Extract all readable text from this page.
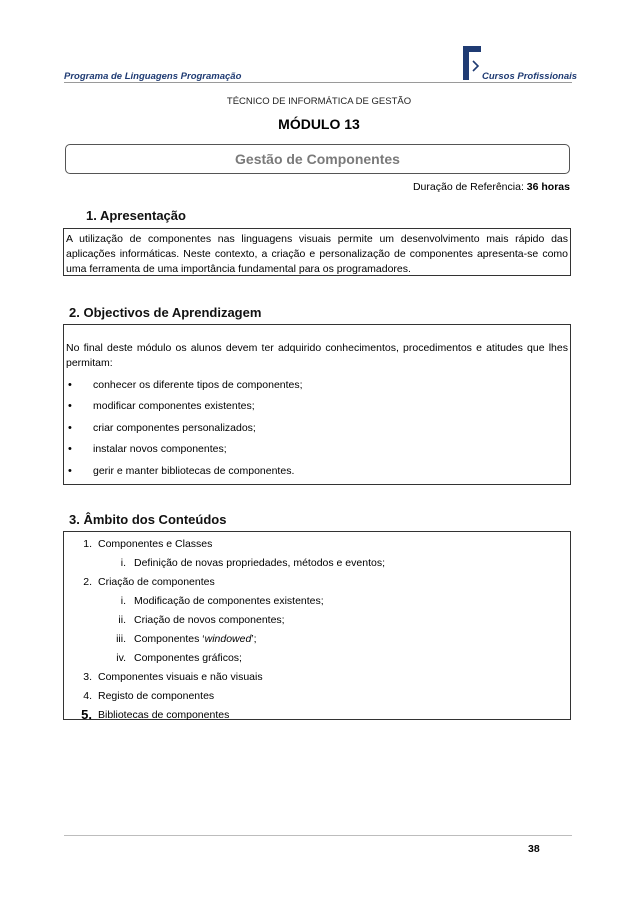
Programa de Linguagens Programação	Cursos Profissionais
TÉCNICO DE INFORMÁTICA DE GESTÃO
MÓDULO 13
Gestão de Componentes
Duração de Referência: 36 horas
1. Apresentação

A utilização de componentes nas linguagens visuais permite um desenvolvimento mais rápido das aplicações informáticas. Neste contexto, a criação e personalização de componentes apresenta-se como uma ferramenta de uma importância fundamental para os programadores.

2. Objectivos de Aprendizagem

No final deste módulo os alunos devem ter adquirido conhecimentos, procedimentos e atitudes que lhes permitam:

•	conhecer os diferente tipos de componentes;
•	modificar componentes existentes;
•	criar componentes personalizados;
•	instalar novos componentes;
•	gerir e manter bibliotecas de componentes.
3. Âmbito dos Conteúdos
1. Componentes e Classes
i. Definição de novas propriedades, métodos e eventos;
2. Criação de componentes
i. Modificação de componentes existentes;
ii. Criação de novos componentes;
iii. Componentes ‘ windowed ’;
iv. Componentes gráficos;
3. Componentes visuais e não visuais
4. Registo de componentes
5. Bibliotecas de componentes
38
